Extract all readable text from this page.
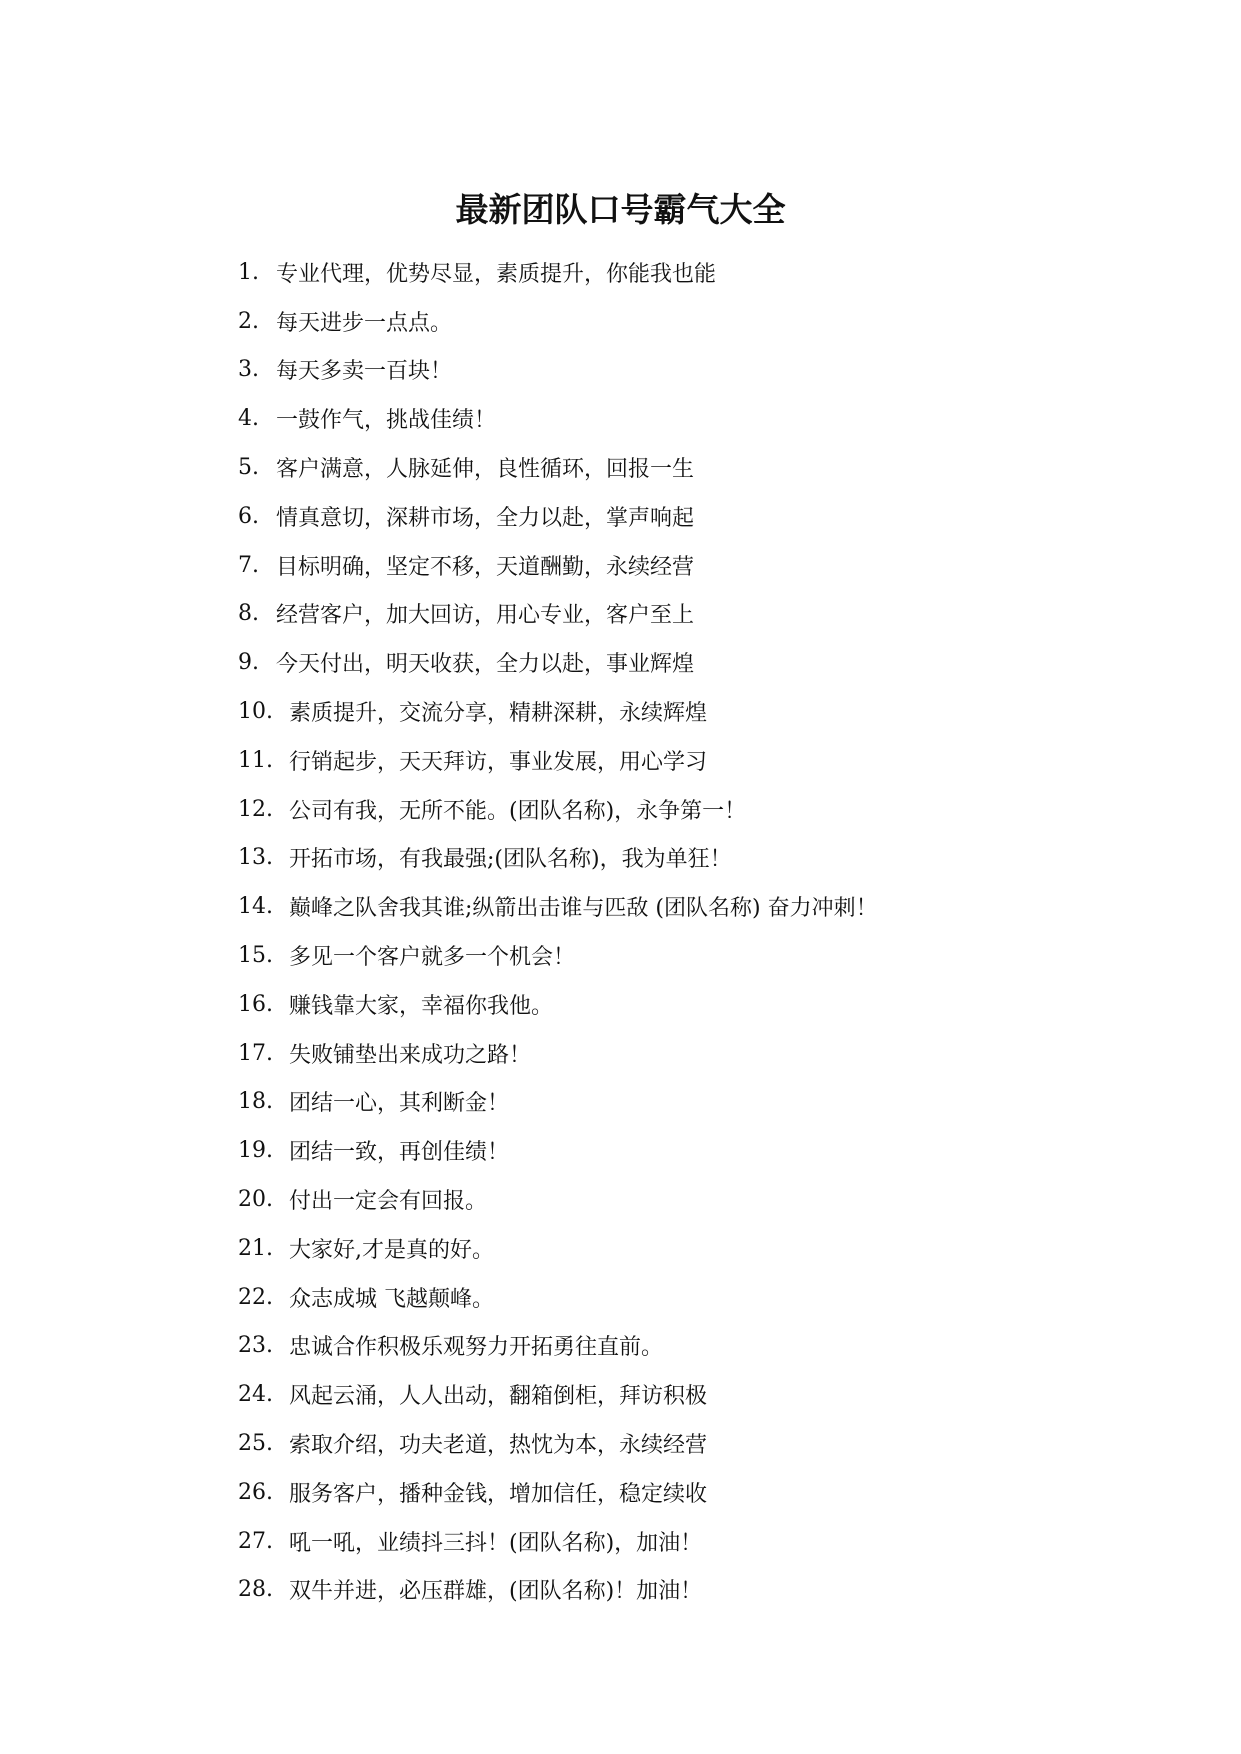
最新团队口号霸气大全
1. 专业代理，优势尽显，素质提升，你能我也能
2. 每天进步一点点。
3. 每天多卖一百块！
4. 一鼓作气，挑战佳绩！
5. 客户满意，人脉延伸，良性循环，回报一生
6. 情真意切，深耕市场，全力以赴，掌声响起
7. 目标明确，坚定不移，天道酬勤，永续经营
8. 经营客户，加大回访，用心专业，客户至上
9. 今天付出，明天收获，全力以赴，事业辉煌
10. 素质提升，交流分享，精耕深耕，永续辉煌
11. 行销起步，天天拜访，事业发展，用心学习
12. 公司有我，无所不能。(团队名称)，永争第一！
13. 开拓市场，有我最强;(团队名称)，我为单狂！
14. 巅峰之队舍我其谁;纵箭出击谁与匹敌 (团队名称) 奋力冲刺！
15. 多见一个客户就多一个机会！
16. 赚钱靠大家，幸福你我他。
17. 失败铺垫出来成功之路！
18. 团结一心，其利断金！
19. 团结一致，再创佳绩！
20. 付出一定会有回报。
21. 大家好,才是真的好。
22. 众志成城 飞越颠峰。
23. 忠诚合作积极乐观努力开拓勇往直前。
24. 风起云涌，人人出动，翻箱倒柜，拜访积极
25. 索取介绍，功夫老道，热忱为本，永续经营
26. 服务客户，播种金钱，增加信任，稳定续收
27. 吼一吼，业绩抖三抖！(团队名称)，加油！
28. 双牛并进，必压群雄，(团队名称)！加油！
